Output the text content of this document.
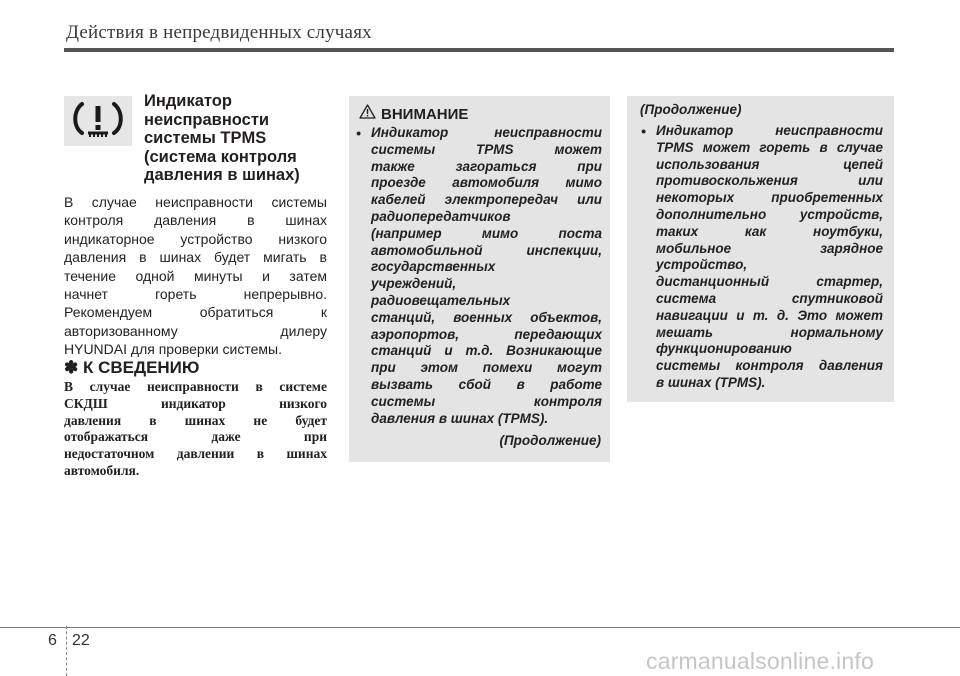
Действия в непредвиденных случаях
Индикатор
неисправности
системы TPMS
(система контроля
давления в шинах)
В случае неисправности системы
контроля давления в шинах
индикаторное устройство низкого
давления в шинах будет мигать в
течение одной минуты и затем
начнет гореть непрерывно.
Рекомендуем обратиться к
авторизованному дилеру
HYUNDAI для проверки системы.
✽ К СВЕДЕНИЮ
В случае неисправности в системе
СКДШ индикатор низкого
давления в шинах не будет
отображаться даже при
недостаточном давлении в шинах
автомобиля.
ВНИМАНИЕ
• Индикатор неисправности
системы TPMS может
также загораться при
проезде автомобиля мимо
кабелей электропередач или
радиопередатчиков
(например мимо поста
автомобильной инспекции,
государственных
учреждений,
радиовещательных
станций, военных объектов,
аэропортов, передающих
станций и т.д. Возникающие
при этом помехи могут
вызвать сбой в работе
системы контроля
давления в шинах (TPMS).
(Продолжение)
(Продолжение)
• Индикатор неисправности
TPMS может гореть в случае
использования цепей
противоскольжения или
некоторых приобретенных
дополнительно устройств,
таких как ноутбуки,
мобильное зарядное
устройство,
дистанционный стартер,
система спутниковой
навигации и т. д. Это может
мешать нормальному
функционированию
системы контроля давления
в шинах (TPMS).
6 22
carmanualsonline.info
